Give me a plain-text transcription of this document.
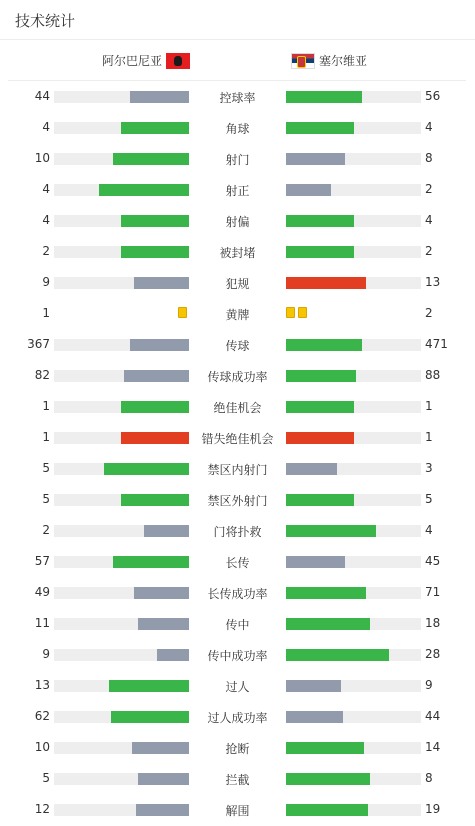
技术统计
阿尔巴尼亚	塞尔维亚
44	控球率	56
4	角球	4
10	射门	8
4	射正	2
4	射偏	4
2	被封堵	2
9	犯规	13
1	黄牌	2
367	传球	471
82	传球成功率	88
1	绝佳机会	1
1	错失绝佳机会	1
5	禁区内射门	3
5	禁区外射门	5
2	门将扑救	4
57	长传	45
49	长传成功率	71
11	传中	18
9	传中成功率	28
13	过人	9
62	过人成功率	44
10	抢断	14
5	拦截	8
12	解围	19
